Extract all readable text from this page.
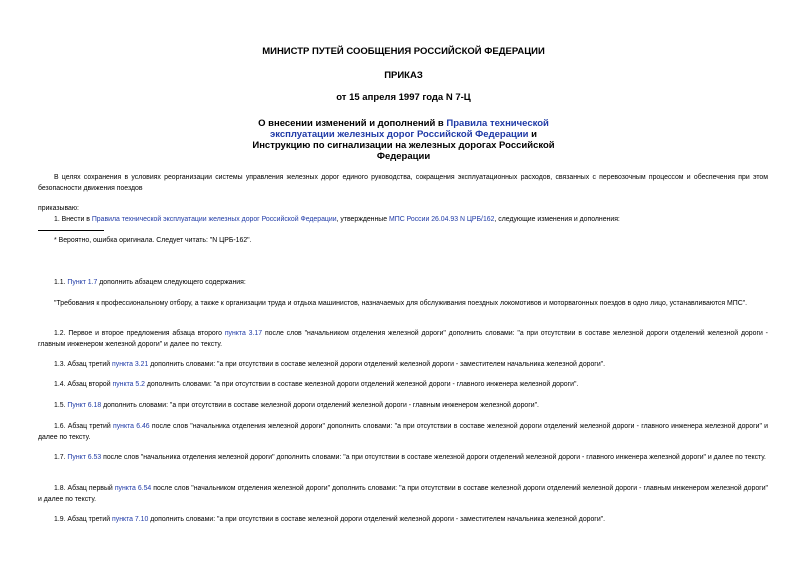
МИНИСТР ПУТЕЙ СООБЩЕНИЯ РОССИЙСКОЙ ФЕДЕРАЦИИ
ПРИКАЗ
от 15 апреля 1997 года N 7-Ц
О внесении изменений и дополнений в Правила технической эксплуатации железных дорог Российской Федерации и Инструкцию по сигнализации на железных дорогах Российской Федерации
В целях сохранения в условиях реорганизации системы управления железных дорог единого руководства, сокращения эксплуатационных расходов, связанных с перевозочным процессом и обеспечения при этом безопасности движения поездов
приказываю:
1. Внести в Правила технической эксплуатации железных дорог Российской Федерации, утвержденные МПС России 26.04.93 N ЦРБ/162, следующие изменения и дополнения:
* Вероятно, ошибка оригинала. Следует читать: "N ЦРБ-162".
1.1. Пункт 1.7 дополнить абзацем следующего содержания:
"Требования к профессиональному отбору, а также к организации труда и отдыха машинистов, назначаемых для обслуживания поездных локомотивов и моторвагонных поездов в одно лицо, устанавливаются МПС".
1.2. Первое и второе предложения абзаца второго пункта 3.17 после слов "начальником отделения железной дороги" дополнить словами: "а при отсутствии в составе железной дороги отделений железной дороги - главным инженером железной дороги" и далее по тексту.
1.3. Абзац третий пункта 3.21 дополнить словами: "а при отсутствии в составе железной дороги отделений железной дороги - заместителем начальника железной дороги".
1.4. Абзац второй пункта 5.2 дополнить словами: "а при отсутствии в составе железной дороги отделений железной дороги - главного инженера железной дороги".
1.5. Пункт 6.18 дополнить словами: "а при отсутствии в составе железной дороги отделений железной дороги - главным инженером железной дороги".
1.6. Абзац третий пункта 6.46 после слов "начальника отделения железной дороги" дополнить словами: "а при отсутствии в составе железной дороги отделений железной дороги - главного инженера железной дороги" и далее по тексту.
1.7. Пункт 6.53 после слов "начальника отделения железной дороги" дополнить словами: "а при отсутствии в составе железной дороги отделений железной дороги - главного инженера железной дороги" и далее по тексту.
1.8. Абзац первый пункта 6.54 после слов "начальником отделения железной дороги" дополнить словами: "а при отсутствии в составе железной дороги отделений железной дороги - главным инженером железной дороги" и далее по тексту.
1.9. Абзац третий пункта 7.10 дополнить словами: "а при отсутствии в составе железной дороги отделений железной дороги - заместителем начальника железной дороги".
